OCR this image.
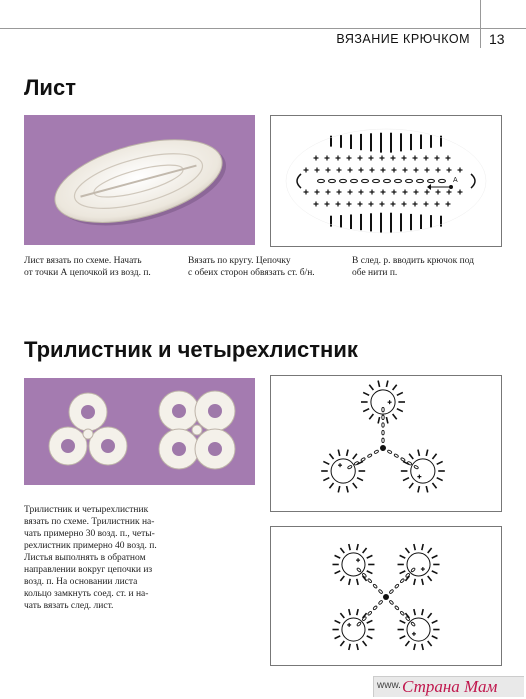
ВЯЗАНИЕ КРЮЧКОМ 13
Лист
A
Лист вязать по схеме. Начать
от точки А цепочкой из возд. п.
Вязать по кругу. Цепочку
с обеих сторон обвязать ст. б/н.
В след. р. вводить крючок под
обе нити п.
Трилистник и четырехлистник
Трилистник и четырехлистник
вязать по схеме. Трилистник на-
чать примерно 30 возд. п., четы-
рехлистник примерно 40 возд. п.
Листья выполнять в обратном
направлении вокруг цепочки из
возд. п. На основании листа
кольцо замкнуть соед. ст. и на-
чать вязать след. лист.
www. Страна Мам
